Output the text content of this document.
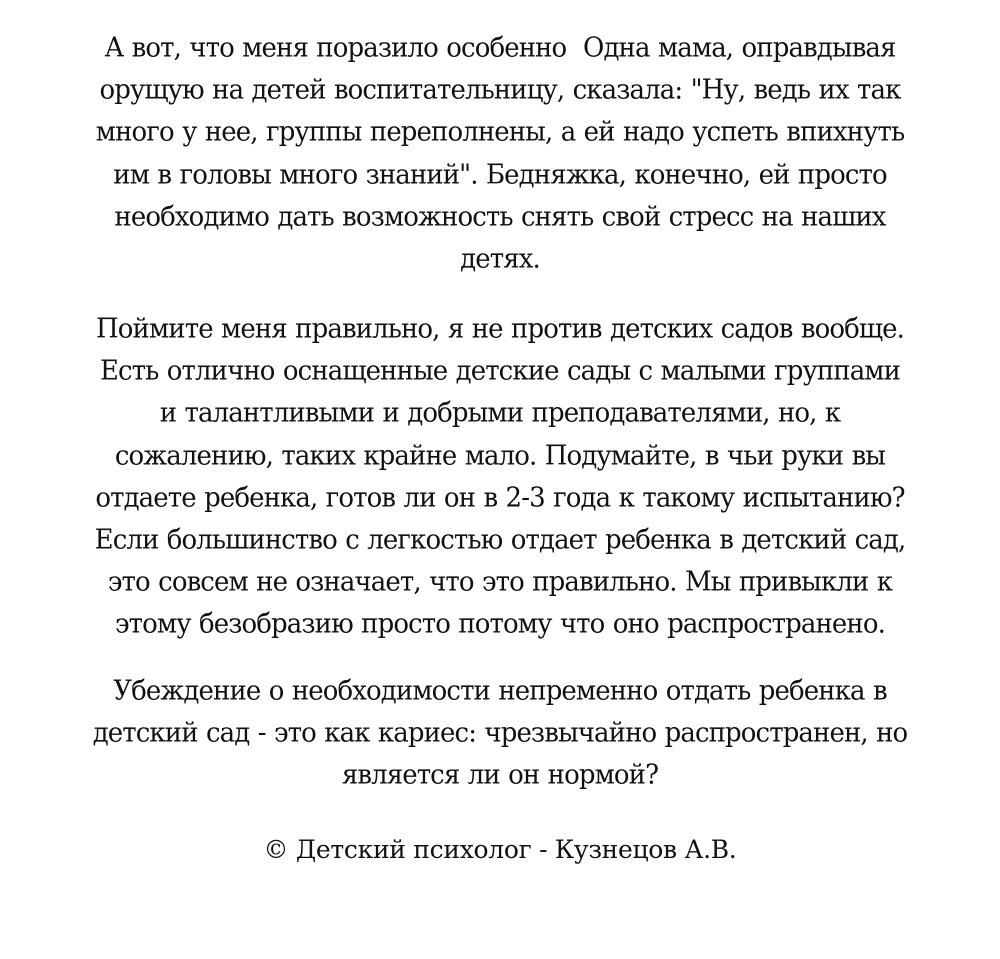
А вот, что меня поразило особенно  Одна мама, оправдывая
орущую на детей воспитательницу, сказала: "Ну, ведь их так
много у нее, группы переполнены, а ей надо успеть впихнуть
им в головы много знаний". Бедняжка, конечно, ей просто
необходимо дать возможность снять свой стресс на наших
детях.

Поймите меня правильно, я не против детских садов вообще.
Есть отлично оснащенные детские сады с малыми группами
и талантливыми и добрыми преподавателями, но, к
сожалению, таких крайне мало. Подумайте, в чьи руки вы
отдаете ребенка, готов ли он в 2-3 года к такому испытанию?
Если большинство с легкостью отдает ребенка в детский сад,
это совсем не означает, что это правильно. Мы привыкли к
этому безобразию просто потому что оно распространено.

Убеждение о необходимости непременно отдать ребенка в
детский сад - это как кариес: чрезвычайно распространен, но
является ли он нормой?

© Детский психолог - Кузнецов А.В.
